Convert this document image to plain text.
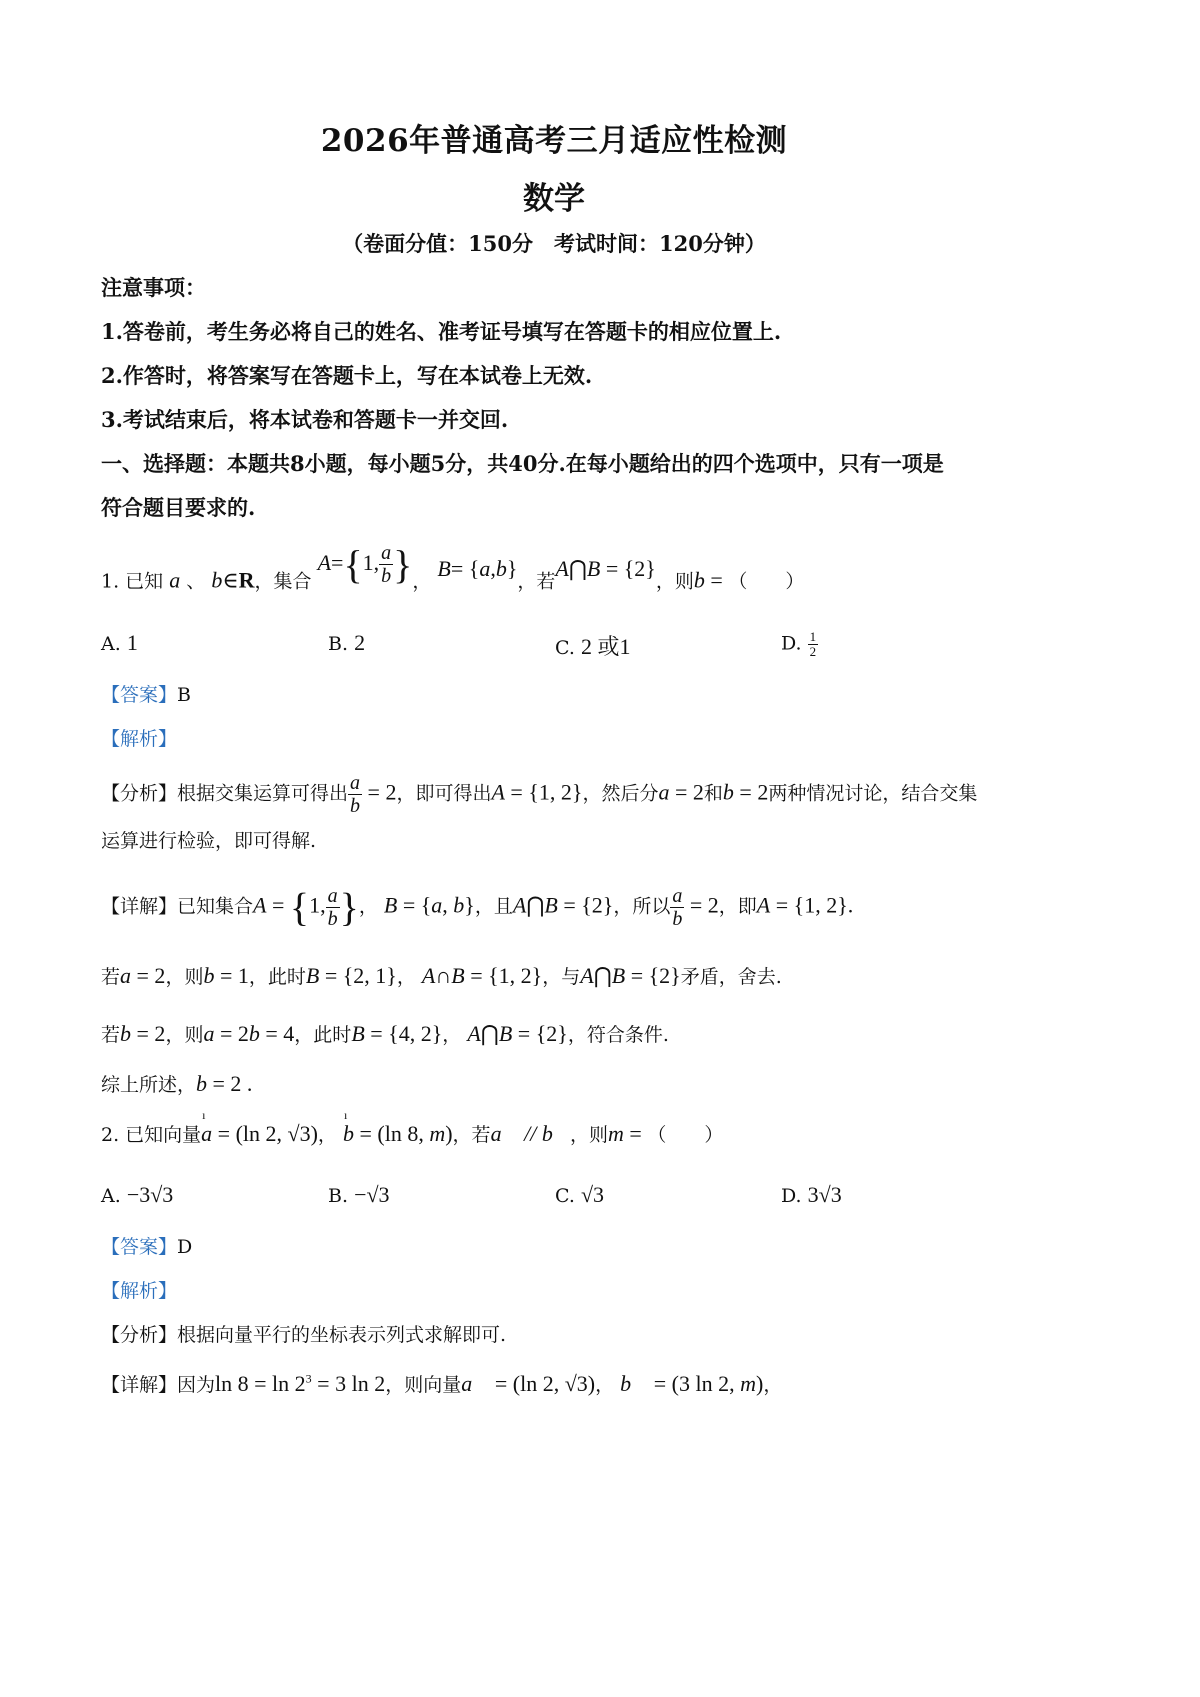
2026年普通高考三月适应性检测
数学
（卷面分值：150分　考试时间：120分钟）
注意事项：
1.答卷前，考生务必将自己的姓名、准考证号填写在答题卡的相应位置上.
2.作答时，将答案写在答题卡上，写在本试卷上无效.
3.考试结束后，将本试卷和答题卡一并交回.
一、选择题：本题共8小题，每小题5分，共40分.在每小题给出的四个选项中，只有一项是
符合题目要求的.
1. 已知 a 、 b∈R，集合 A={1, $\frac{a}{b}$ }， B= {a,b}，若A⋂B = {2}，则b = （　　）
A. 1	B. 2	C. 2 或1	D. $\frac{1}{2}$
【答案】B
【解析】
【分析】根据交集运算可得出 $\frac{a}{b} = 2$，即可得出A = {1, 2}，然后分a = 2和b = 2两种情况讨论，结合交集
运算进行检验，即可得解.
【详解】已知集合A = {1, $\frac{a}{b}$ }， B = {a, b}，且A⋂B = {2}，所以 $\frac{a}{b} = 2$，即A = {1, 2}.
若a = 2，则b = 1，此时B = {2, 1}， A∩B = {1, 2}，与A⋂B = {2}矛盾，舍去.
若b = 2，则a = 2b = 4，此时B = {4, 2}， A⋂B = {2}，符合条件.
综上所述，b = 2 .
2. 已知向量
ı
a = (ln 2, √3)，
ı
b = (ln 8, m)，若a⃗ // b⃗，则m = （　　）
A. −3√3	B. −√3	C. √3	D. 3√3
【答案】D
【解析】
【分析】根据向量平行的坐标表示列式求解即可.
【详解】因为$\ln 8 = \ln 2^3 = 3$ ln 2，则向量a⃗ = (ln 2, √3)， b⃗ = (3 ln 2, m)，
